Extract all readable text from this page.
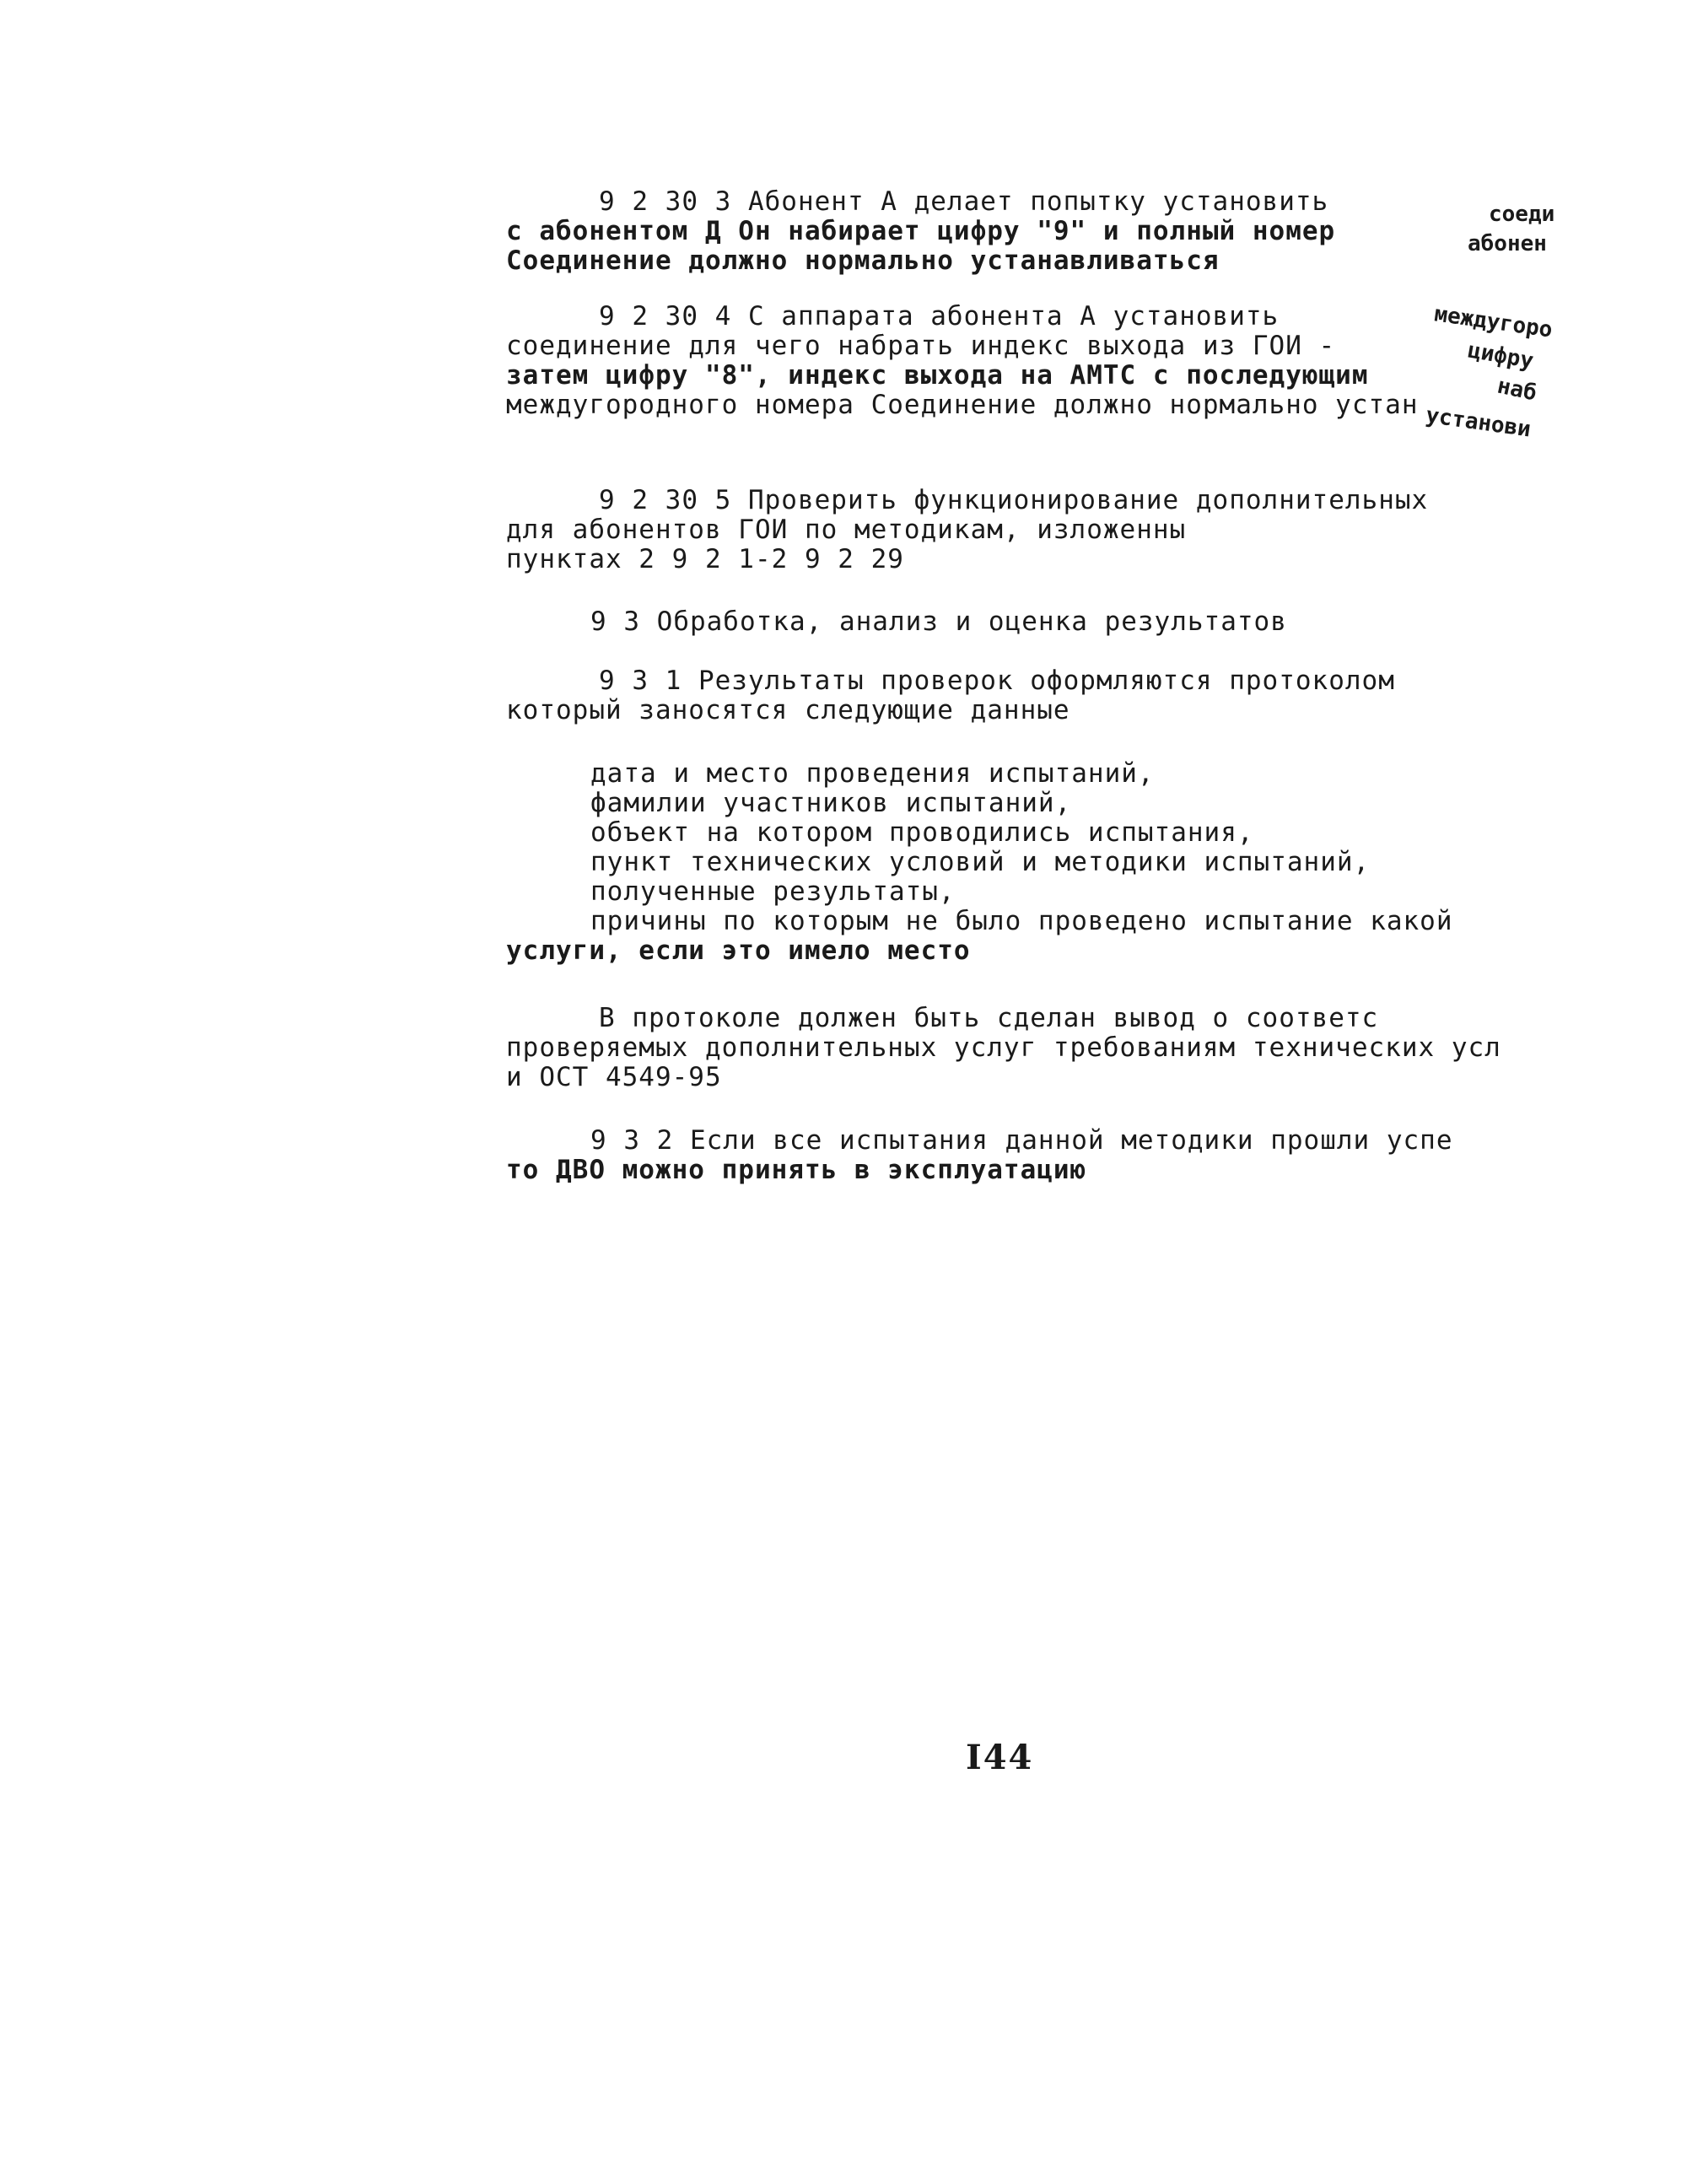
9 2 30 3 Абонент А делает попытку установить
с абонентом Д Он набирает цифру "9" и полный номер
Соединение должно нормально устанавливаться
соеди
абонен
9 2 30 4 С аппарата абонента А установить
соединение для чего набрать индекс выхода из ГОИ -
затем цифру "8", индекс выхода на АМТС с последующим
междугородного номера Соединение должно нормально устан
междугоро
цифру
наб
установи
9 2 30 5 Проверить функционирование дополнительных
для абонентов ГОИ по методикам, изложенны
пунктах 2 9 2 1-2 9 2 29
9 3 Обработка, анализ и оценка результатов
9 3 1 Результаты проверок оформляются протоколом
который заносятся следующие данные
дата и место проведения испытаний,
фамилии участников испытаний,
объект на котором проводились испытания,
пункт технических условий и методики испытаний,
полученные результаты,
причины по которым не было проведено испытание какой
услуги, если это имело место
В протоколе должен быть сделан вывод о соответс
проверяемых дополнительных услуг требованиям технических усл
и ОСТ 4549-95
9 3 2 Если все испытания данной методики прошли успе
то ДВО можно принять в эксплуатацию
I44
